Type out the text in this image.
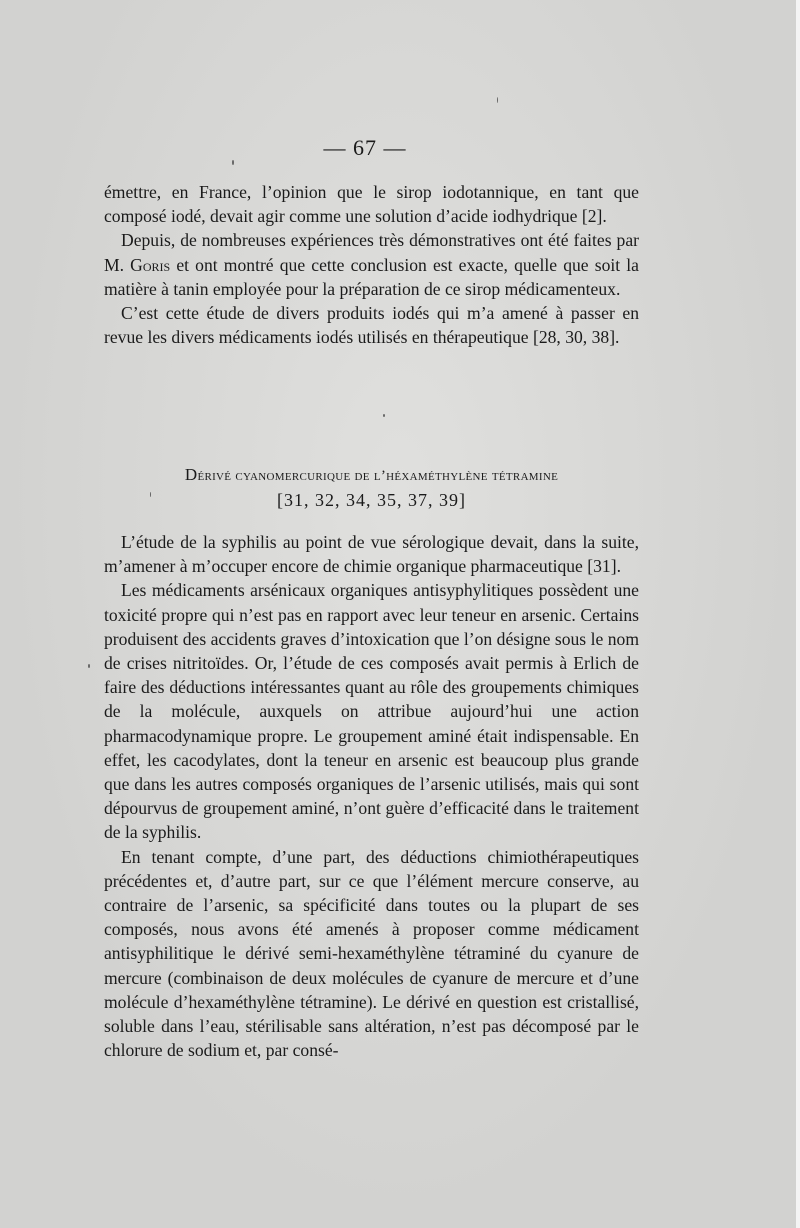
— 67 —

émettre, en France, l’opinion que le sirop iodotannique, en tant que composé iodé, devait agir comme une solution d’acide iodhydrique [2].

Depuis, de nombreuses expériences très démonstratives ont été faites par M. Goris et ont montré que cette conclusion est exacte, quelle que soit la matière à tanin employée pour la préparation de ce sirop médicamenteux.

C’est cette étude de divers produits iodés qui m’a amené à passer en revue les divers médicaments iodés utilisés en thérapeutique [28, 30, 38].

Dérivé cyanomercurique de l’héxaméthylène tétramine
[31, 32, 34, 35, 37, 39]

L’étude de la syphilis au point de vue sérologique devait, dans la suite, m’amener à m’occuper encore de chimie organique pharmaceutique [31].

Les médicaments arsénicaux organiques antisyphylitiques possèdent une toxicité propre qui n’est pas en rapport avec leur teneur en arsenic. Certains produisent des accidents graves d’intoxication que l’on désigne sous le nom de crises nitritoïdes. Or, l’étude de ces composés avait permis à Erlich de faire des déductions intéressantes quant au rôle des groupements chimiques de la molécule, auxquels on attribue aujourd’hui une action pharmacodynamique propre. Le groupement aminé était indispensable. En effet, les cacodylates, dont la teneur en arsenic est beaucoup plus grande que dans les autres composés organiques de l’arsenic utilisés, mais qui sont dépourvus de groupement aminé, n’ont guère d’efficacité dans le traitement de la syphilis.

En tenant compte, d’une part, des déductions chimiothérapeutiques précédentes et, d’autre part, sur ce que l’élément mercure conserve, au contraire de l’arsenic, sa spécificité dans toutes ou la plupart de ses composés, nous avons été amenés à proposer comme médicament antisyphilitique le dérivé semi-hexaméthylène tétraminé du cyanure de mercure (combinaison de deux molécules de cyanure de mercure et d’une molécule d’hexaméthylène tétramine). Le dérivé en question est cristallisé, soluble dans l’eau, stérilisable sans altération, n’est pas décomposé par le chlorure de sodium et, par consé-
